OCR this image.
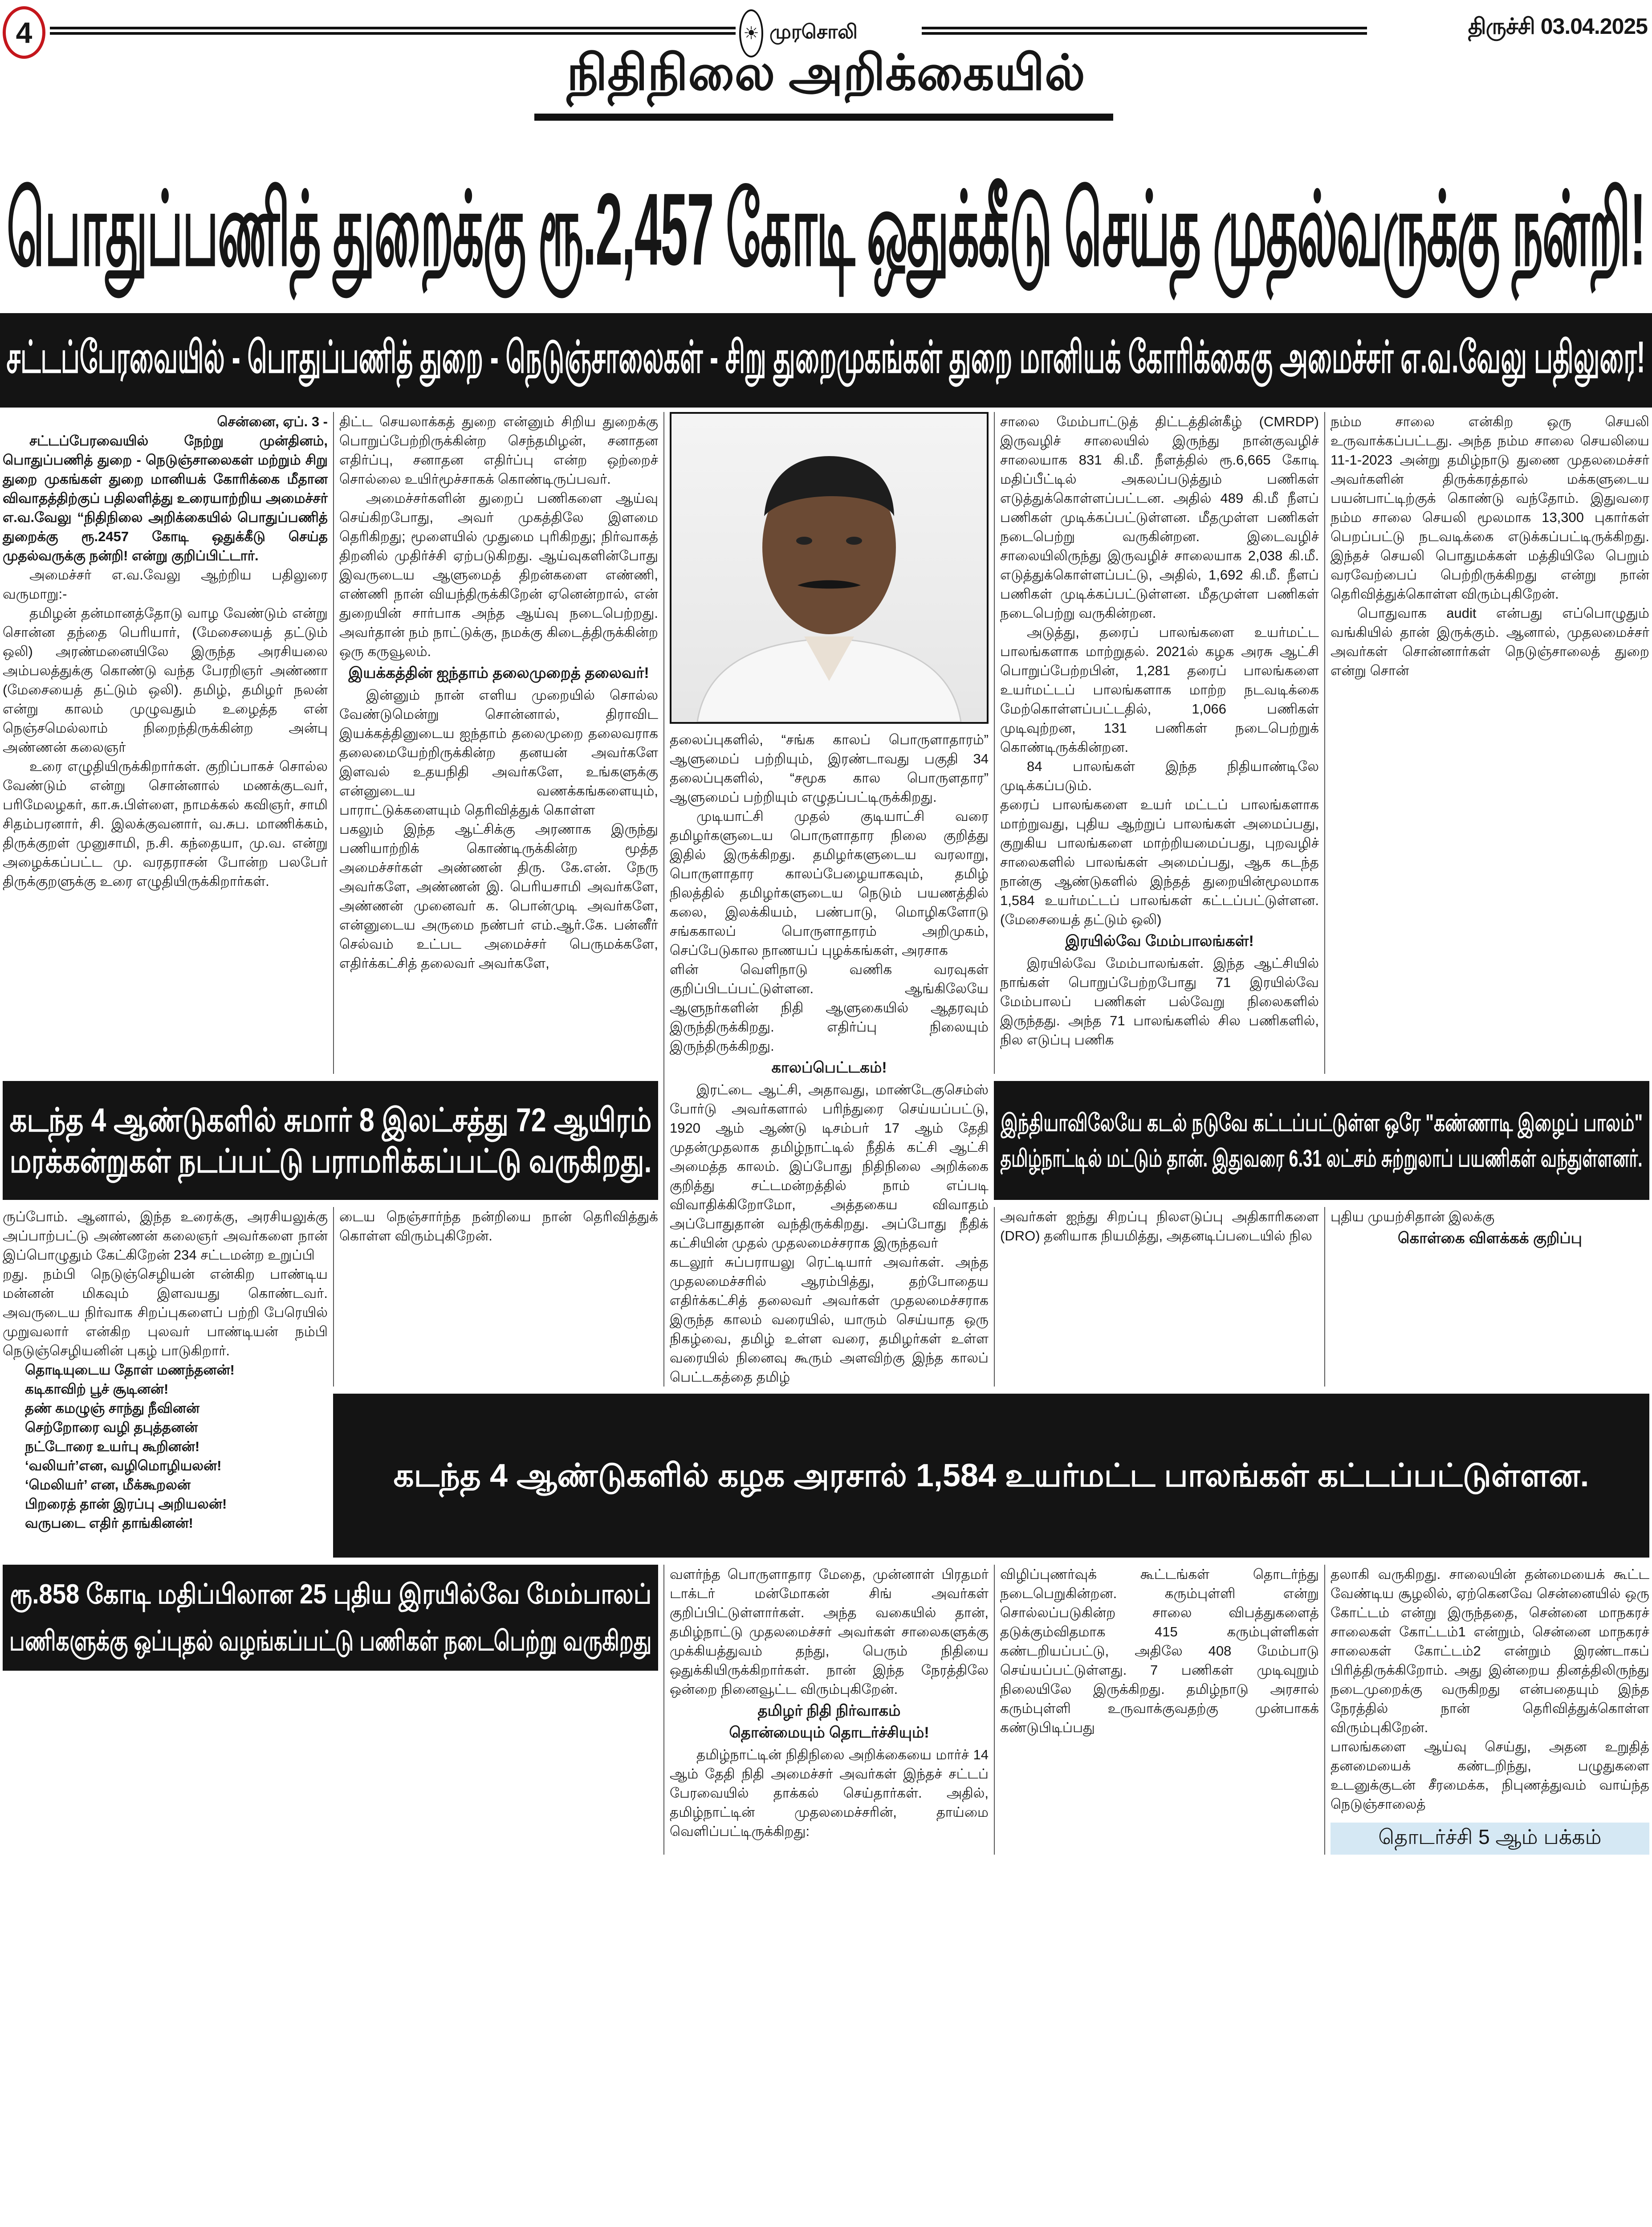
4	☀ முரசொலி	திருச்சி 03.04.2025
நிதிநிலை அறிக்கையில்
பொதுப்பணித் துறைக்கு ரூ.2,457 கோடி ஒதுக்கீடு செய்த முதல்வருக்கு நன்றி!
சட்டப்பேரவையில் - பொதுப்பணித் துறை - நெடுஞ்சாலைகள் - சிறு துறைமுகங்கள் துறை மானியக் கோரிக்கைகு அமைச்சர் எ.வ.வேலு பதிலுரை!

சென்னை, ஏப். 3 -

சட்டப்பேரவையில் நேற்று முன்தினம், பொதுப்பணித் துறை - நெடுஞ்சாலைகள் மற்றும் சிறு துறை முகங்கள் துறை மானியக் கோரிக்கை மீதான விவாதத்திற்குப் பதிலளித்து உரையாற்றிய அமைச்சர் எ.வ.வேலு “நிதிநிலை அறிக்கையில் பொதுப்பணித் துறைக்கு ரூ.2457 கோடி ஒதுக்கீடு செய்த முதல்வருக்கு நன்றி! என்று குறிப்பிட்டார்.

அமைச்சர் எ.வ.வேலு ஆற்றிய பதிலுரை வருமாறு:-

தமிழன் தன்மானத்தோடு வாழ வேண்டும் என்று சொன்ன தந்தை பெரியார், (மேசையைத் தட்டும் ஒலி) அரண்மனையிலே இருந்த அரசியலை அம்பலத்துக்கு கொண்டு வந்த பேரறிஞர் அண்ணா (மேசையைத் தட்டும் ஒலி). தமிழ், தமிழர் நலன் என்று காலம் முழுவதும் உழைத்த என் நெஞ்சமெல்லாம் நிறைந்திருக்கின்ற அன்பு அண்ணன் கலைஞர்

உரை எழுதியிருக்கிறார்கள். குறிப்பாகச் சொல்ல வேண்டும் என்று சொன்னால் மணக்குடவர், பரிமேலழகர், கா.சு.பிள்ளை, நாமக்கல் கவிஞர், சாமி சிதம்பரனார், சி. இலக்குவனார், வ.சுப. மாணிக்கம், திருக்குறள் முனுசாமி, ந.சி. கந்தையா, மு.வ. என்று அழைக்கப்பட்ட மு. வரதராசன் போன்ற பலபேர் திருக்குறளுக்கு உரை எழுதியிருக்கிறார்கள்.

திட்ட செயலாக்கத் துறை என்னும் சிறிய துறைக்கு பொறுப்பேற்றிருக்கின்ற செந்தமிழன், சனாதன எதிர்ப்பு, சனாதன எதிர்ப்பு என்ற ஒற்றைச் சொல்லை உயிர்மூச்சாகக் கொண்டிருப்பவர்.

அமைச்சர்களின் துறைப் பணிகளை ஆய்வு செய்கிறபோது, அவர் முகத்திலே இளமை தெரிகிறது; மூளையில் முதுமை புரிகிறது; நிர்வாகத் திறனில் முதிர்ச்சி ஏற்படுகிறது. ஆய்வுகளின்போது இவருடைய ஆளுமைத் திறன்களை எண்ணி, எண்ணி நான் வியந்திருக்கிறேன் ஏனென்றால், என் துறையின் சார்பாக அந்த ஆய்வு நடைபெற்றது. அவர்தான் நம் நாட்டுக்கு, நமக்கு கிடைத்திருக்கின்ற ஒரு கருவூலம்.

இயக்கத்தின் ஐந்தாம் தலைமுறைத் தலைவர்!

இன்னும் நான் எளிய முறையில் சொல்ல வேண்டுமென்று சொன்னால், திராவிட இயக்கத்தினுடைய ஐந்தாம் தலைமுறை தலைவராக தலைமையேற்றிருக்கின்ற தனயன் அவர்களே இளவல் உதயநிதி அவர்களே, உங்களுக்கு என்னுடைய வணக்கங்களையும், பாராட்டுக்களையும் தெரிவித்துக் கொள்ள

பகலும் இந்த ஆட்சிக்கு அரணாக இருந்து பணியாற்றிக் கொண்டிருக்கின்ற மூத்த அமைச்சர்கள் அண்ணன் திரு. கே.என். நேரு அவர்களே, அண்ணன் இ. பெரியசாமி அவர்களே, அண்ணன் முனைவர் க. பொன்முடி அவர்களே, என்னுடைய அருமை நண்பர் எம்.ஆர்.கே. பன்னீர் செல்வம் உட்பட அமைச்சர் பெருமக்களே, எதிர்க்கட்சித் தலைவர் அவர்களே,

தலைப்புகளில், “சங்க காலப் பொருளாதாரம்” ஆளுமைப் பற்றியும், இரண்டாவது பகுதி 34 தலைப்புகளில், “சமூக கால பொருளதார” ஆளுமைப் பற்றியும் எழுதப்பட்டிருக்கிறது.

முடியாட்சி முதல் குடியாட்சி வரை தமிழர்களுடைய பொருளாதார நிலை குறித்து இதில் இருக்கிறது. தமிழர்களுடைய வரலாறு, பொருளாதார காலப்பேழையாகவும், தமிழ் நிலத்தில் தமிழர்களுடைய நெடும் பயணத்தில் கலை, இலக்கியம், பண்பாடு, மொழிகளோடு சங்ககாலப் பொருளாதாரம் அறிமுகம், செப்பேடுகால நாணயப் புழக்கங்கள், அரசாக

ளின் வெளிநாடு வணிக வரவுகள் குறிப்பிடப்பட்டுள்ளன. ஆங்கிலேயே ஆளுநர்களின் நிதி ஆளுகையில் ஆதரவும் இருந்திருக்கிறது. எதிர்ப்பு நிலையும் இருந்திருக்கிறது.

காலப்பெட்டகம்!

இரட்டை ஆட்சி, அதாவது, மாண்டேகுசெம்ஸ் போர்டு அவர்களால் பரிந்துரை செய்யப்பட்டு, 1920 ஆம் ஆண்டு டிசம்பர் 17 ஆம் தேதி முதன்முதலாக தமிழ்நாட்டில் நீதிக் கட்சி ஆட்சி அமைத்த காலம். இப்போது நிதிநிலை அறிக்கை குறித்து சட்டமன்றத்தில் நாம் எப்படி விவாதிக்கிறோமோ, அத்தகைய விவாதம் அப்போதுதான் வந்திருக்கிறது. அப்போது நீதிக் கட்சியின் முதல் முதலமைச்சராக இருந்தவர்

கடலூர் சுப்பராயலு ரெட்டியார் அவர்கள். அந்த முதலமைச்சரில் ஆரம்பித்து, தற்போதைய எதிர்க்கட்சித் தலைவர் அவர்கள் முதலமைச்சராக இருந்த காலம் வரையில், யாரும் செய்யாத ஒரு நிகழ்வை, தமிழ் உள்ள வரை, தமிழர்கள் உள்ள வரையில் நினைவு கூரும் அளவிற்கு இந்த காலப் பெட்டகத்தை தமிழ்

சாலை மேம்பாட்டுத் திட்டத்தின்கீழ் (CMRDP) இருவழிச் சாலையில் இருந்து நான்குவழிச் சாலையாக 831 கி.மீ. நீளத்தில் ரூ.6,665 கோடி மதிப்பீட்டில் அகலப்படுத்தும் பணிகள் எடுத்துக்கொள்ளப்பட்டன. அதில் 489 கி.மீ நீளப் பணிகள் முடிக்கப்பட்டுள்ளன. மீதமுள்ள பணிகள் நடைபெற்று வருகின்றன. இடைவழிச் சாலையிலிருந்து இருவழிச் சாலையாக 2,038 கி.மீ. எடுத்துக்கொள்ளப்பட்டு, அதில், 1,692 கி.மீ. நீளப் பணிகள் முடிக்கப்பட்டுள்ளன. மீதமுள்ள பணிகள் நடைபெற்று வருகின்றன.

அடுத்து, தரைப் பாலங்களை உயர்மட்ட பாலங்களாக மாற்றுதல். 2021ல் கழக அரசு ஆட்சி பொறுப்பேற்றபின், 1,281 தரைப் பாலங்களை உயர்மட்டப் பாலங்களாக மாற்ற நடவடிக்கை மேற்கொள்ளப்பட்டதில், 1,066 பணிகள் முடிவுற்றன, 131 பணிகள் நடைபெற்றுக் கொண்டிருக்கின்றன.

84 பாலங்கள் இந்த நிதியாண்டிலே முடிக்கப்படும்.

தரைப் பாலங்களை உயர் மட்டப் பாலங்களாக மாற்றுவது, புதிய ஆற்றுப் பாலங்கள் அமைப்பது, குறுகிய பாலங்களை மாற்றியமைப்பது, புறவழிச் சாலைகளில் பாலங்கள் அமைப்பது, ஆக கடந்த நான்கு ஆண்டுகளில் இந்தத் துறையின்மூலமாக 1,584 உயர்மட்டப் பாலங்கள் கட்டப்பட்டுள்ளன. (மேசையைத் தட்டும் ஒலி)

இரயில்வே மேம்பாலங்கள்!

இரயில்வே மேம்பாலங்கள். இந்த ஆட்சியில் நாங்கள் பொறுப்பேற்றபோது 71 இரயில்வே மேம்பாலப் பணிகள் பல்வேறு நிலைகளில் இருந்தது. அந்த 71 பாலங்களில் சில பணிகளில், நில எடுப்பு பணிக

நம்ம சாலை என்கிற ஒரு செயலி உருவாக்கப்பட்டது. அந்த நம்ம சாலை செயலியை 11-1-2023 அன்று தமிழ்நாடு துணை முதலமைச்சர் அவர்களின் திருக்கரத்தால் மக்களுடைய பயன்பாட்டிற்குக் கொண்டு வந்தோம். இதுவரை நம்ம சாலை செயலி மூலமாக 13,300 புகார்கள் பெறப்பட்டு நடவடிக்கை எடுக்கப்பட்டிருக்கிறது. இந்தச் செயலி பொதுமக்கள் மத்தியிலே பெறும் வரவேற்பைப் பெற்றிருக்கிறது என்று நான் தெரிவித்துக்கொள்ள விரும்புகிறேன்.

பொதுவாக audit என்பது எப்பொழுதும் வங்கியில் தான் இருக்கும். ஆனால், முதலமைச்சர் அவர்கள் சொன்னார்கள் நெடுஞ்சாலைத் துறை என்று சொன்

கடந்த 4 ஆண்டுகளில் சுமார் 8 இலட்சத்து 72 ஆயிரம்
மரக்கன்றுகள் நடப்பட்டு பராமரிக்கப்பட்டு வருகிறது.
இந்தியாவிலேயே கடல் நடுவே கட்டப்பட்டுள்ள ஒரே "கண்ணாடி இழைப் பாலம்"
தமிழ்நாட்டில் மட்டும் தான். இதுவரை 6.31 லட்சம் சுற்றுலாப் பயணிகள் வந்துள்ளனர்.

ருப்போம். ஆனால், இந்த உரைக்கு, அரசியலுக்கு அப்பாற்பட்டு அண்ணன் கலைஞர் அவர்களை நான் இப்பொழுதும் கேட்கிறேன் 234 சட்டமன்ற உறுப்பி

றது. நம்பி நெடுஞ்செழியன் என்கிற பாண்டிய மன்னன் மிகவும் இளவயது கொண்டவர். அவருடைய நிர்வாக சிறப்புகளைப் பற்றி பேரெயில் முறுவலார் என்கிற புலவர் பாண்டியன் நம்பி நெடுஞ்செழியனின் புகழ் பாடுகிறார்.

தொடியுடைய தோள் மணந்தனன்!

கடிகாவிற் பூச் சூடினன்!

தண் கமழுஞ் சாந்து நீவினன்

செற்றோரை வழி தபுத்தனன்

நட்டோரை உயர்பு கூறினன்!

‘வலியர்’என, வழிமொழியலன்!

‘மெலியர்’ என, மீக்கூறலன்

பிறரைத் தான் இரப்பு அறியலன்!

வருபடை எதிர் தாங்கினன்!

டைய நெஞ்சார்ந்த நன்றியை நான் தெரிவித்துக் கொள்ள விரும்புகிறேன்.

அவர்கள் ஐந்து சிறப்பு நிலஎடுப்பு அதிகாரிகளை (DRO) தனியாக நியமித்து, அதனடிப்படையில் நில

புதிய முயற்சிதான் இலக்கு

கொள்கை விளக்கக் குறிப்பு
கடந்த 4 ஆண்டுகளில் கழக அரசால் 1,584 உயர்மட்ட பாலங்கள் கட்டப்பட்டுள்ளன.
ரூ.858 கோடி மதிப்பிலான 25 புதிய இரயில்வே மேம்பாலப்
பணிகளுக்கு ஒப்புதல் வழங்கப்பட்டு பணிகள் நடைபெற்று வருகிறது

வளர்ந்த பொருளாதார மேதை, முன்னாள் பிரதமர் டாக்டர் மன்மோகன் சிங் அவர்கள் குறிப்பிட்டுள்ளார்கள். அந்த வகையில் தான், தமிழ்நாட்டு முதலமைச்சர் அவர்கள் சாலைகளுக்கு முக்கியத்துவம் தந்து, பெரும் நிதியை ஒதுக்கியிருக்கிறார்கள். நான் இந்த நேரத்திலே ஒன்றை நினைவூட்ட விரும்புகிறேன்.

தமிழர் நிதி நிர்வாகம்
தொன்மையும் தொடர்ச்சியும்!

தமிழ்நாட்டின் நிதிநிலை அறிக்கையை மார்ச் 14 ஆம் தேதி நிதி அமைச்சர் அவர்கள் இந்தச் சட்டப் பேரவையில் தாக்கல் செய்தார்கள். அதில், தமிழ்நாட்டின் முதலமைச்சரின், தாய்மை வெளிப்பட்டிருக்கிறது:

விழிப்புணர்வுக் கூட்டங்கள் தொடர்ந்து நடைபெறுகின்றன. கரும்புள்ளி என்று சொல்லப்படுகின்ற சாலை விபத்துகளைத் தடுக்கும்விதமாக 415 கரும்புள்ளிகள் கண்டறியப்பட்டு, அதிலே 408 மேம்பாடு செய்யப்பட்டுள்ளது. 7 பணிகள் முடிவுறும் நிலையிலே இருக்கிறது. தமிழ்நாடு அரசால் கரும்புள்ளி உருவாக்குவதற்கு முன்பாகக் கண்டுபிடிப்பது

தலாகி வருகிறது. சாலையின் தன்மையைக் கூட்ட வேண்டிய சூழலில், ஏற்கெனவே சென்னையில் ஒரு கோட்டம் என்று இருந்ததை, சென்னை மாநகரச் சாலைகள் கோட்டம்1 என்றும், சென்னை மாநகரச் சாலைகள் கோட்டம்2 என்றும் இரண்டாகப் பிரித்திருக்கிறோம். அது இன்றைய தினத்திலிருந்து நடைமுறைக்கு வருகிறது என்பதையும் இந்த நேரத்தில் நான் தெரிவித்துக்கொள்ள விரும்புகிறேன்.

பாலங்களை ஆய்வு செய்து, அதன உறுதித் தனமையைக் கண்டறிந்து, பழுதுகளை உடனுக்குடன் சீரமைக்க, நிபுணத்துவம் வாய்ந்த நெடுஞ்சாலைத்

தொடர்ச்சி 5 ஆம் பக்கம்
